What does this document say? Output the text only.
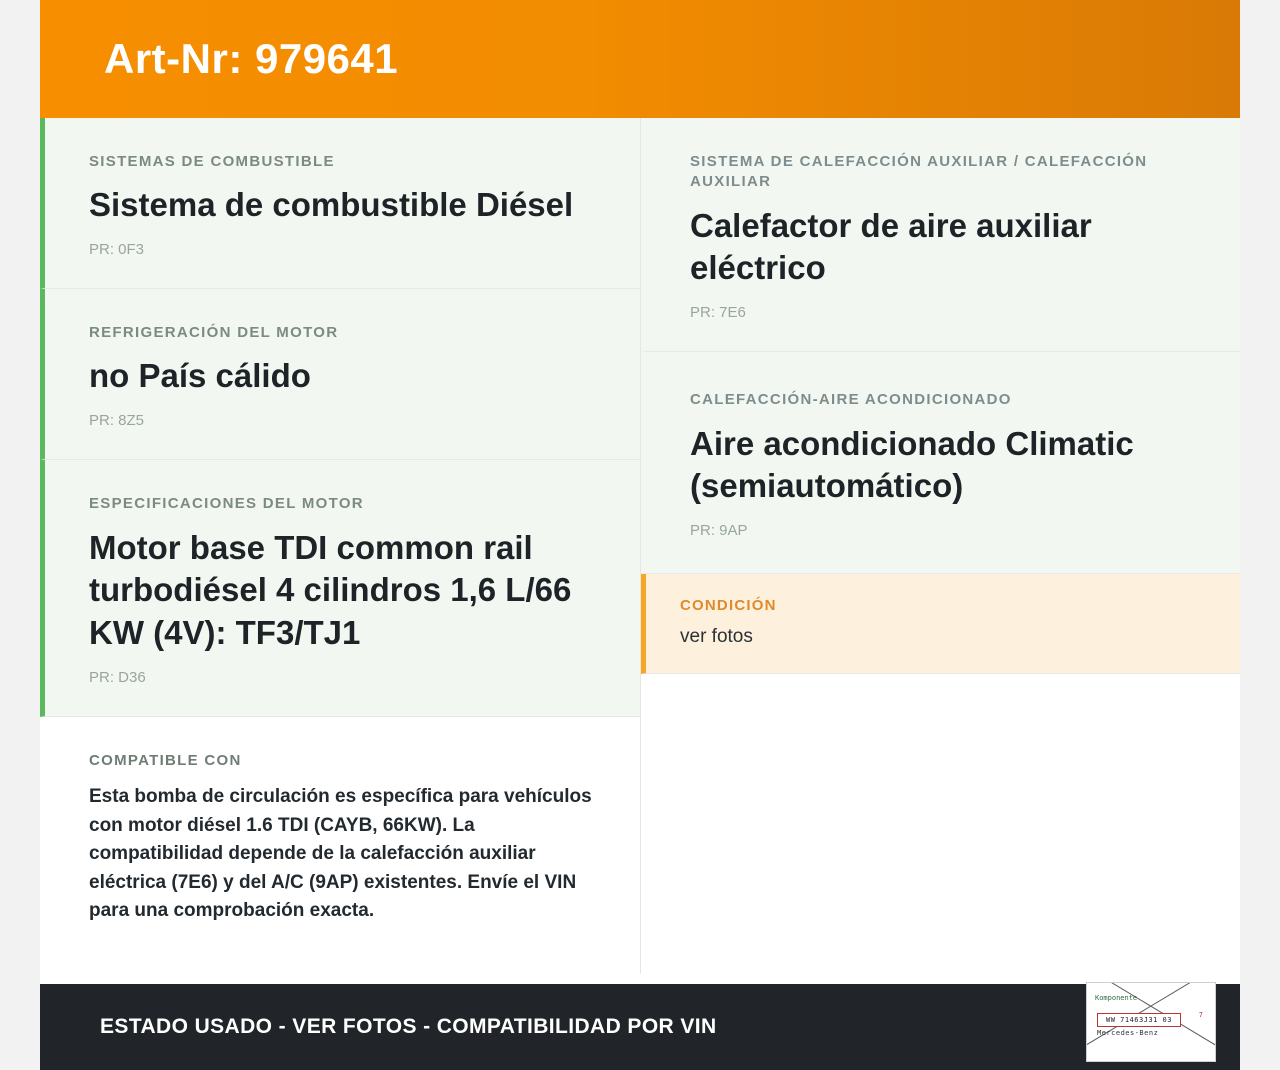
Art-Nr: 979641
SISTEMAS DE COMBUSTIBLE
Sistema de combustible Diésel
PR: 0F3
REFRIGERACIÓN DEL MOTOR
no País cálido
PR: 8Z5
ESPECIFICACIONES DEL MOTOR
Motor base TDI common rail turbodiésel 4 cilindros 1,6 L/66 KW (4V): TF3/TJ1
PR: D36
COMPATIBLE CON
Esta bomba de circulación es específica para vehículos con motor diésel 1.6 TDI (CAYB, 66KW). La compatibilidad depende de la calefacción auxiliar eléctrica (7E6) y del A/C (9AP) existentes. Envíe el VIN para una comprobación exacta.
SISTEMA DE CALEFACCIÓN AUXILIAR / CALEFACCIÓN AUXILIAR
Calefactor de aire auxiliar eléctrico
PR: 7E6
CALEFACCIÓN-AIRE ACONDICIONADO
Aire acondicionado Climatic (semiautomático)
PR: 9AP
CONDICIÓN
ver fotos
ESTADO USADO - VER FOTOS - COMPATIBILIDAD POR VIN
Komponente
WW 71463J31 03
Mercedes-Benz
7
